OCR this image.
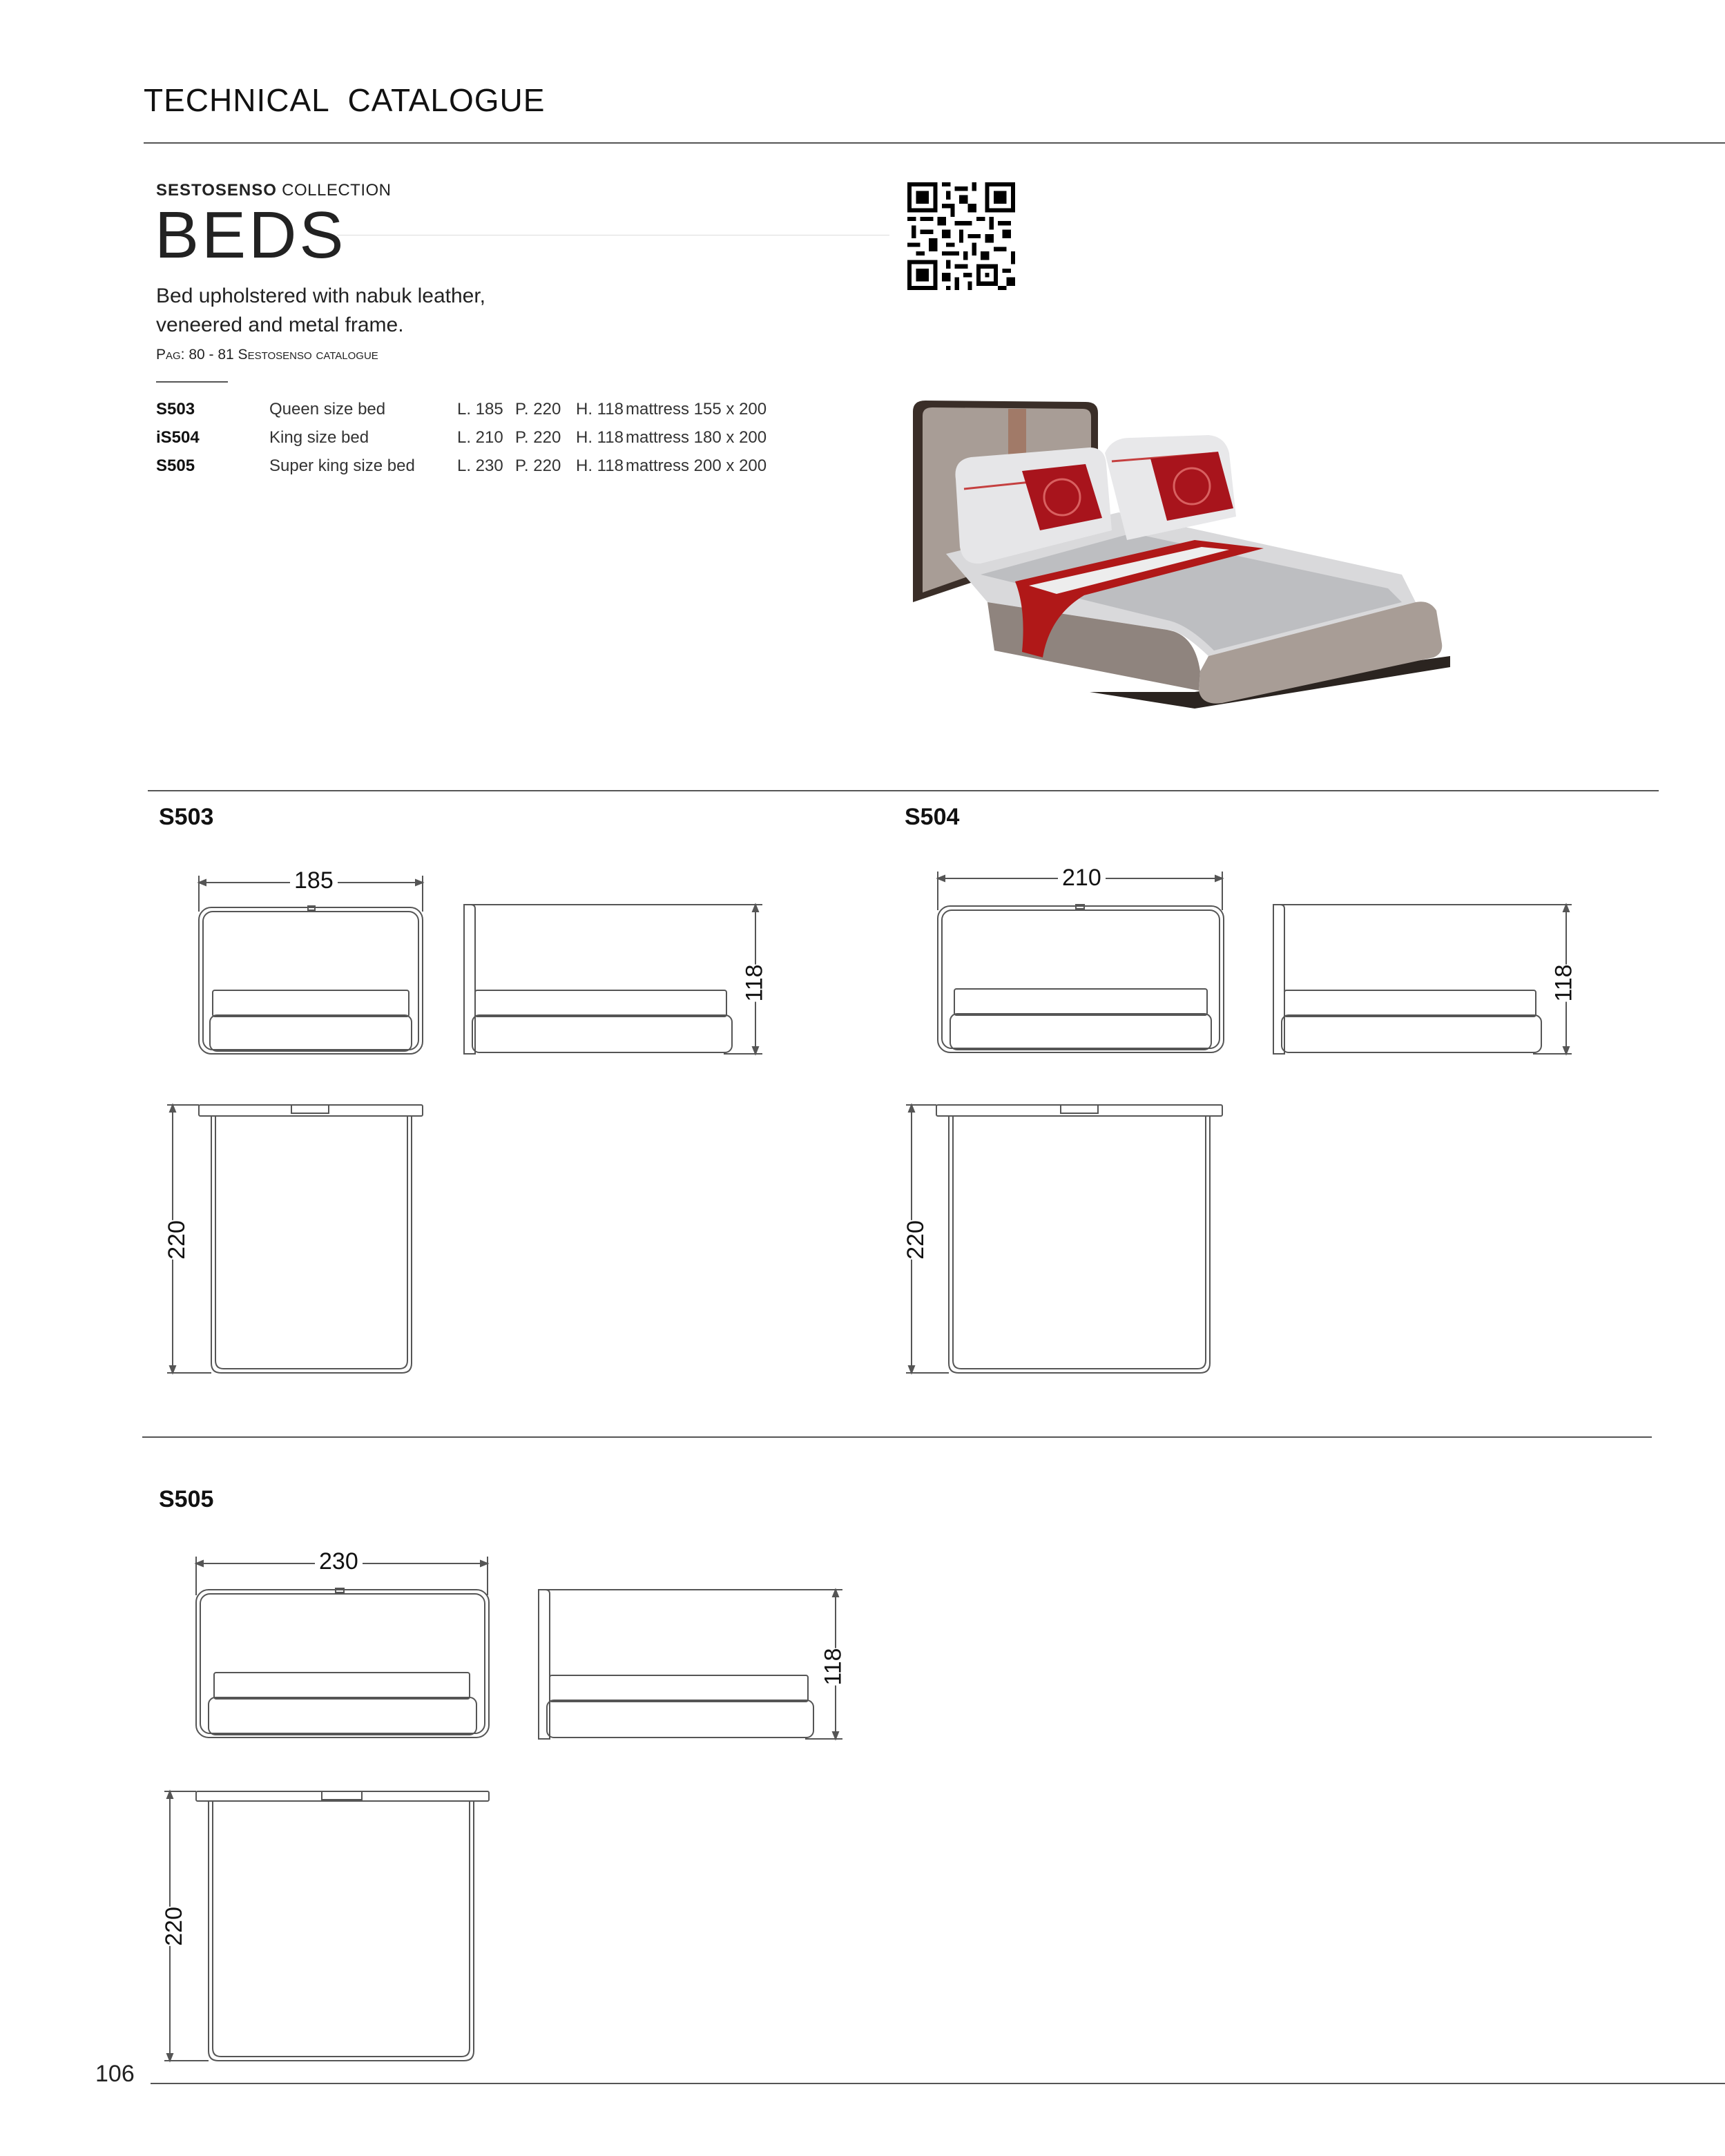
TECHNICAL  CATALOGUE
SESTOSENSO COLLECTION
BEDS
Bed upholstered with nabuk leather,
veneered and metal frame.
Pag: 80 - 81 Sestosenso catalogue
S503	Queen size bed	L. 185	P. 220	H. 118	mattress 155 x 200
iS504	King size bed	L. 210	P. 220	H. 118	mattress 180 x 200
S505	Super king size bed	L. 230	P. 220	H. 118	mattress 200 x 200
S503
185
118
220
S504
210
118
220
S505
230
118
220
106
